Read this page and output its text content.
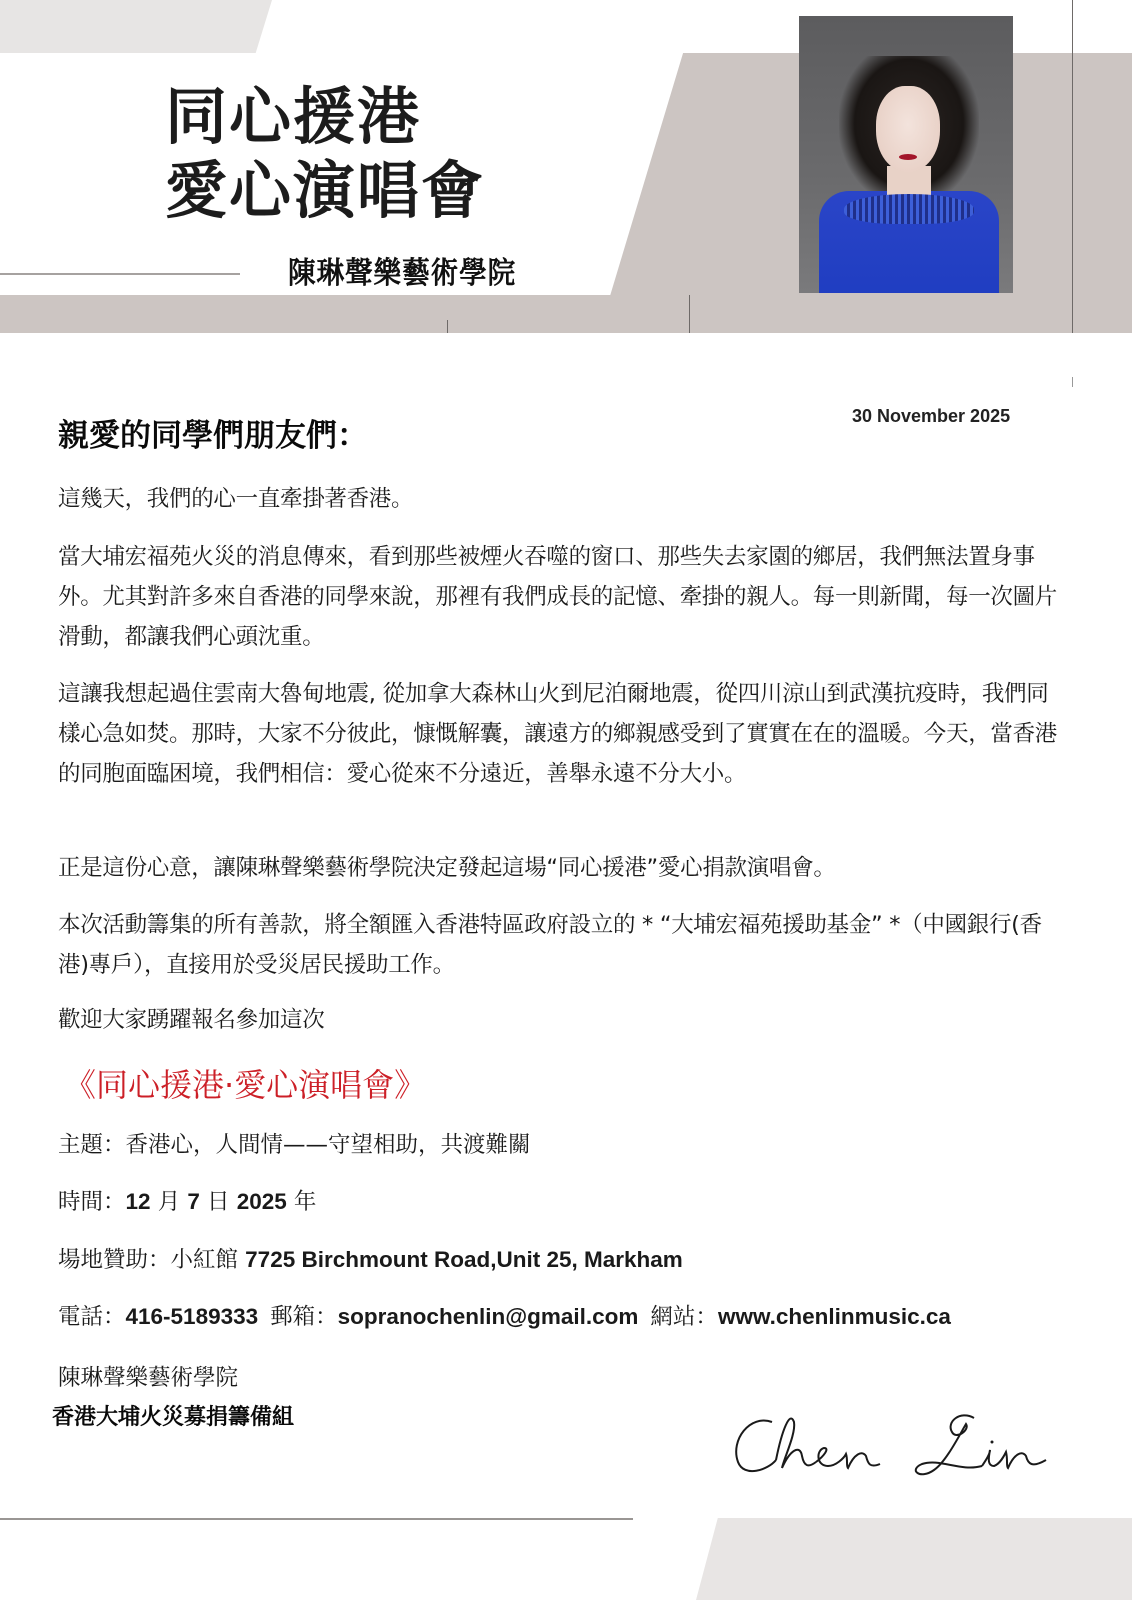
同心援港
愛心演唱會
陳琳聲樂藝術學院
親愛的同學們朋友們：
30 November 2025
這幾天，我們的心一直牽掛著香港。
當大埔宏福苑火災的消息傳來，看到那些被煙火吞噬的窗口、那些失去家園的鄉居，我們無法置身事外。尤其對許多來自香港的同學來說，那裡有我們成長的記憶、牽掛的親人。每一則新聞，每一次圖片滑動，都讓我們心頭沈重。
這讓我想起過住雲南大魯甸地震, 從加拿大森林山火到尼泊爾地震，從四川涼山到武漢抗疫時，我們同樣心急如焚。那時，大家不分彼此，慷慨解囊，讓遠方的鄉親感受到了實實在在的溫暖。今天，當香港的同胞面臨困境，我們相信：愛心從來不分遠近，善舉永遠不分大小。
正是這份心意，讓陳琳聲樂藝術學院決定發起這場“同心援港”愛心捐款演唱會。
本次活動籌集的所有善款，將全額匯入香港特區政府設立的 * “大埔宏福苑援助基金” *（中國銀行(香港)專戶），直接用於受災居民援助工作。
歡迎大家踴躍報名參加這次
《同心援港·愛心演唱會》
主題：香港心，人間情——守望相助，共渡難關
時間：12 月 7 日 2025 年
場地贊助：小紅館 7725 Birchmount Road,Unit 25, Markham
電話：416-5189333 郵箱：sopranochenlin@gmail.com 網站：www.chenlinmusic.ca
陳琳聲樂藝術學院
香港大埔火災募捐籌備組
